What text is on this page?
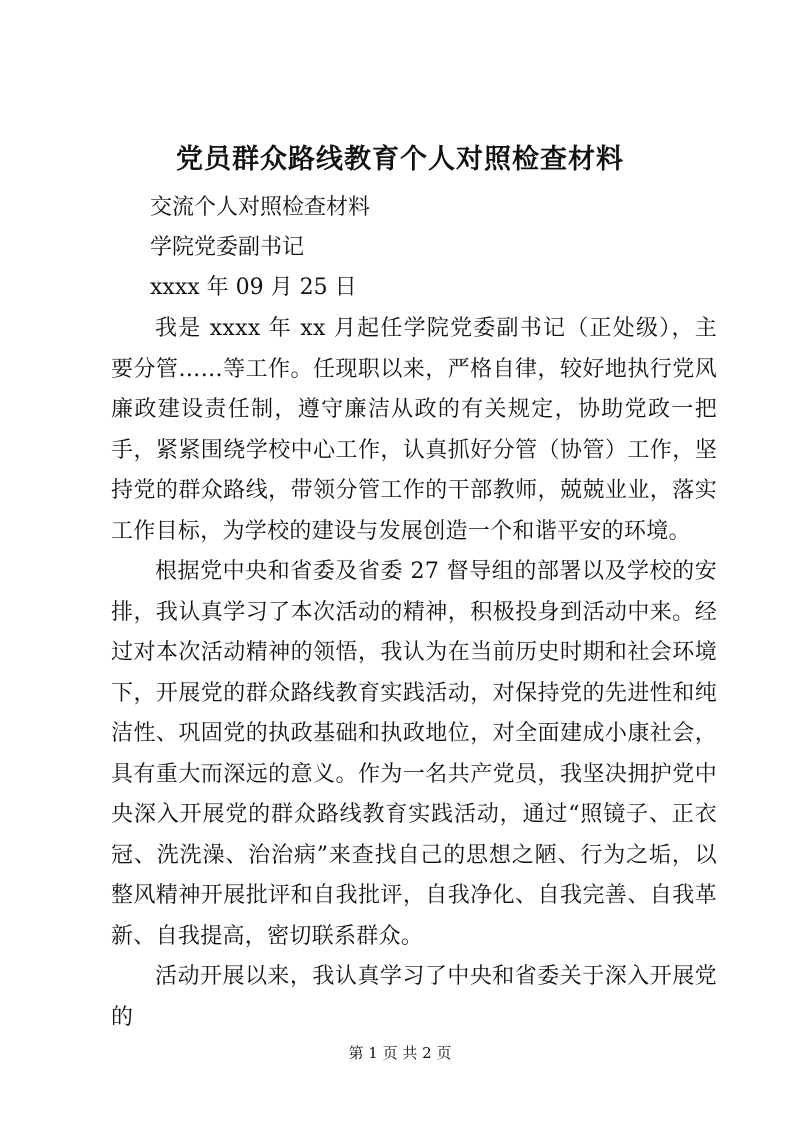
党员群众路线教育个人对照检查材料

交流个人对照检查材料

学院党委副书记

xxxx 年 09 月 25 日

我是 xxxx 年 xx 月起任学院党委副书记（正处级），主要分管……等工作。任现职以来，严格自律，较好地执行党风廉政建设责任制，遵守廉洁从政的有关规定，协助党政一把手，紧紧围绕学校中心工作，认真抓好分管（协管）工作，坚持党的群众路线，带领分管工作的干部教师，兢兢业业，落实工作目标，为学校的建设与发展创造一个和谐平安的环境。

根据党中央和省委及省委 27 督导组的部署以及学校的安排，我认真学习了本次活动的精神，积极投身到活动中来。经过对本次活动精神的领悟，我认为在当前历史时期和社会环境下，开展党的群众路线教育实践活动，对保持党的先进性和纯洁性、巩固党的执政基础和执政地位，对全面建成小康社会，具有重大而深远的意义。作为一名共产党员，我坚决拥护党中央深入开展党的群众路线教育实践活动，通过“照镜子、正衣冠、洗洗澡、治治病”来查找自己的思想之陋、行为之垢，以整风精神开展批评和自我批评，自我净化、自我完善、自我革新、自我提高，密切联系群众。

活动开展以来，我认真学习了中央和省委关于深入开展党的

第 1 页 共 2 页
